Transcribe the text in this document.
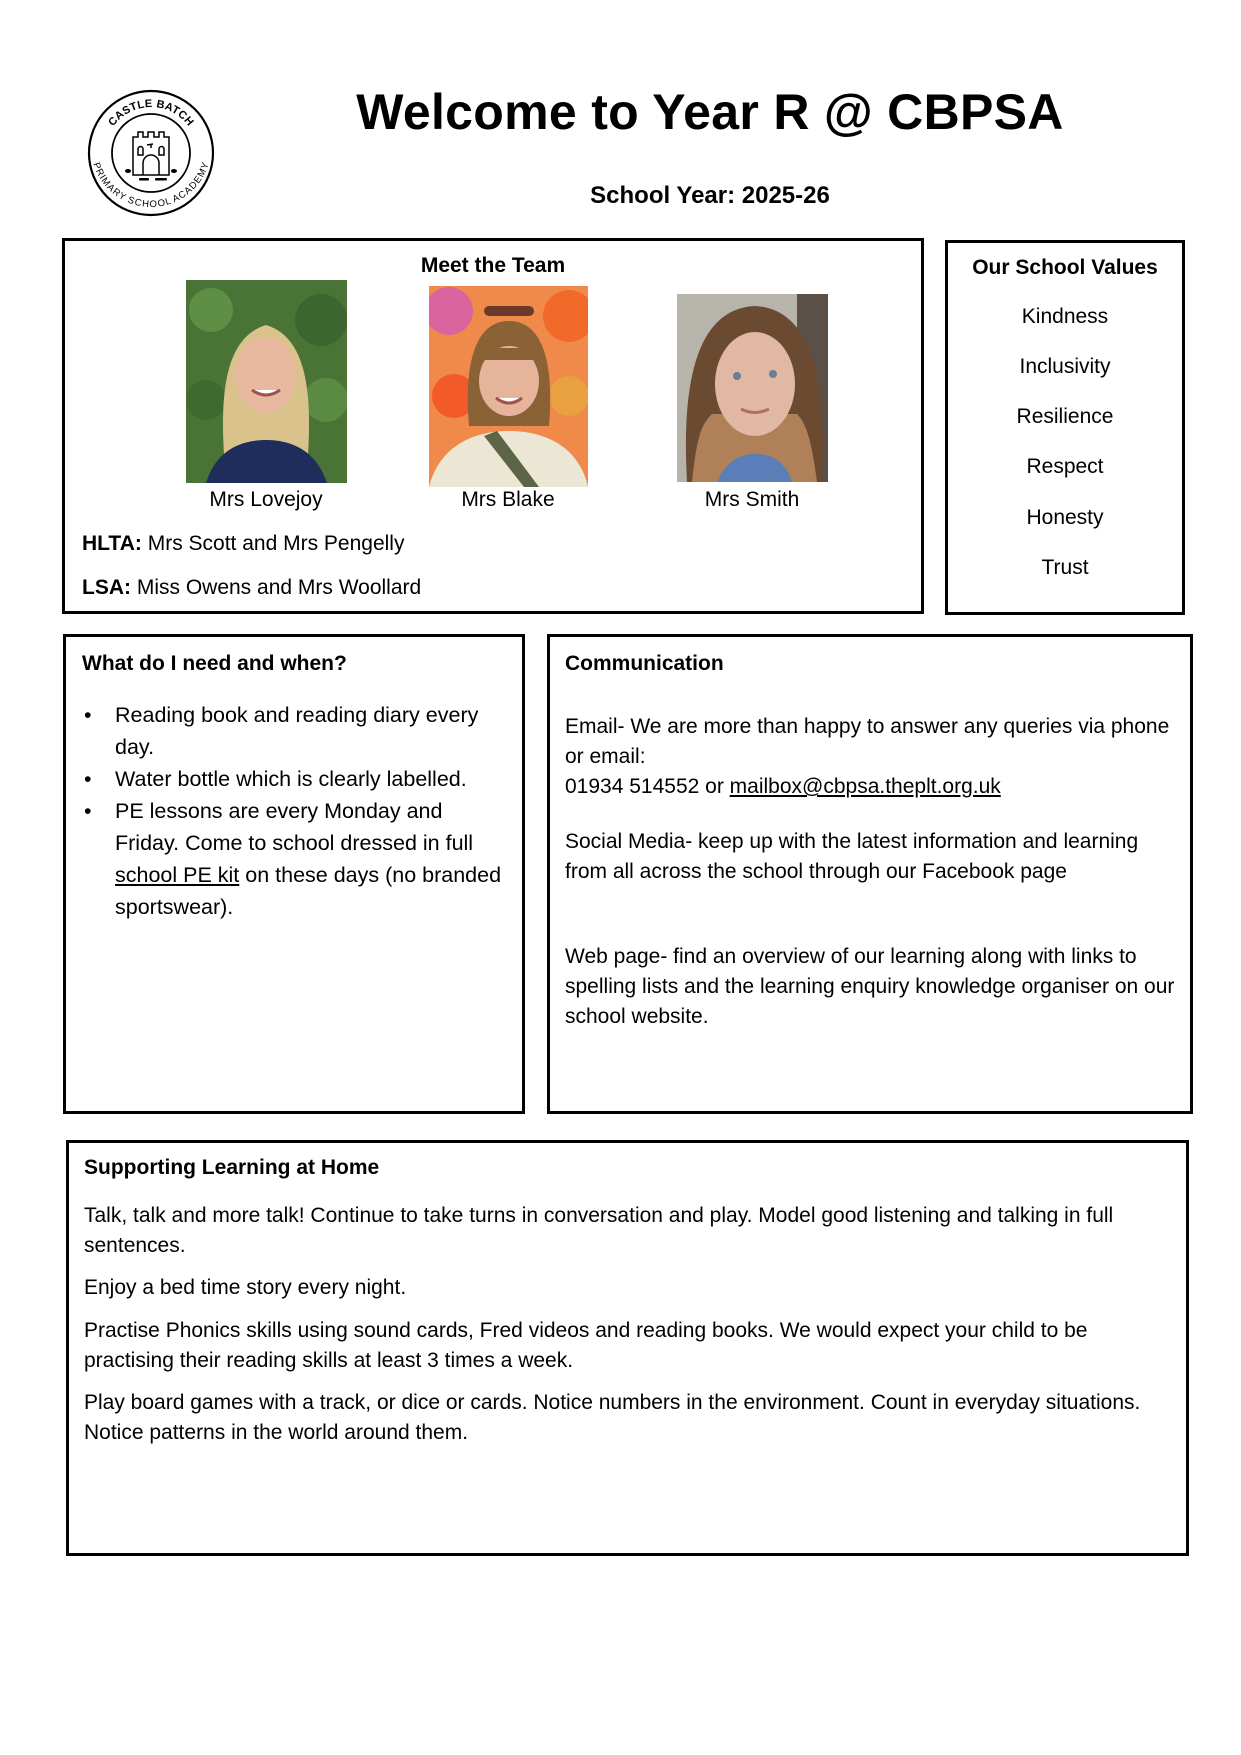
CASTLE BATCH
PRIMARY SCHOOL ACADEMY
Welcome to Year R @ CBPSA
School Year: 2025-26
Meet the Team
Mrs Lovejoy	Mrs Blake	Mrs Smith
HLTA: Mrs Scott and Mrs Pengelly
LSA: Miss Owens and Mrs Woollard
Our School Values
Kindness
Inclusivity
Resilience
Respect
Honesty
Trust
What do I need and when?
•	Reading book and reading diary every day.
•	Water bottle which is clearly labelled.
•	PE lessons are every Monday and Friday. Come to school dressed in full school PE kit on these days (no branded sportswear).
Communication
Email- We are more than happy to answer any queries via phone or email:
01934 514552 or mailbox@cbpsa.theplt.org.uk
Social Media- keep up with the latest information and learning from all across the school through our Facebook page
Web page- find an overview of our learning along with links to spelling lists and the learning enquiry knowledge organiser on our school website.
Supporting Learning at Home
Talk, talk and more talk! Continue to take turns in conversation and play. Model good listening and talking in full sentences.
Enjoy a bed time story every night.
Practise Phonics skills using sound cards, Fred videos and reading books. We would expect your child to be practising their reading skills at least 3 times a week.
Play board games with a track, or dice or cards. Notice numbers in the environment. Count in everyday situations. Notice patterns in the world around them.
